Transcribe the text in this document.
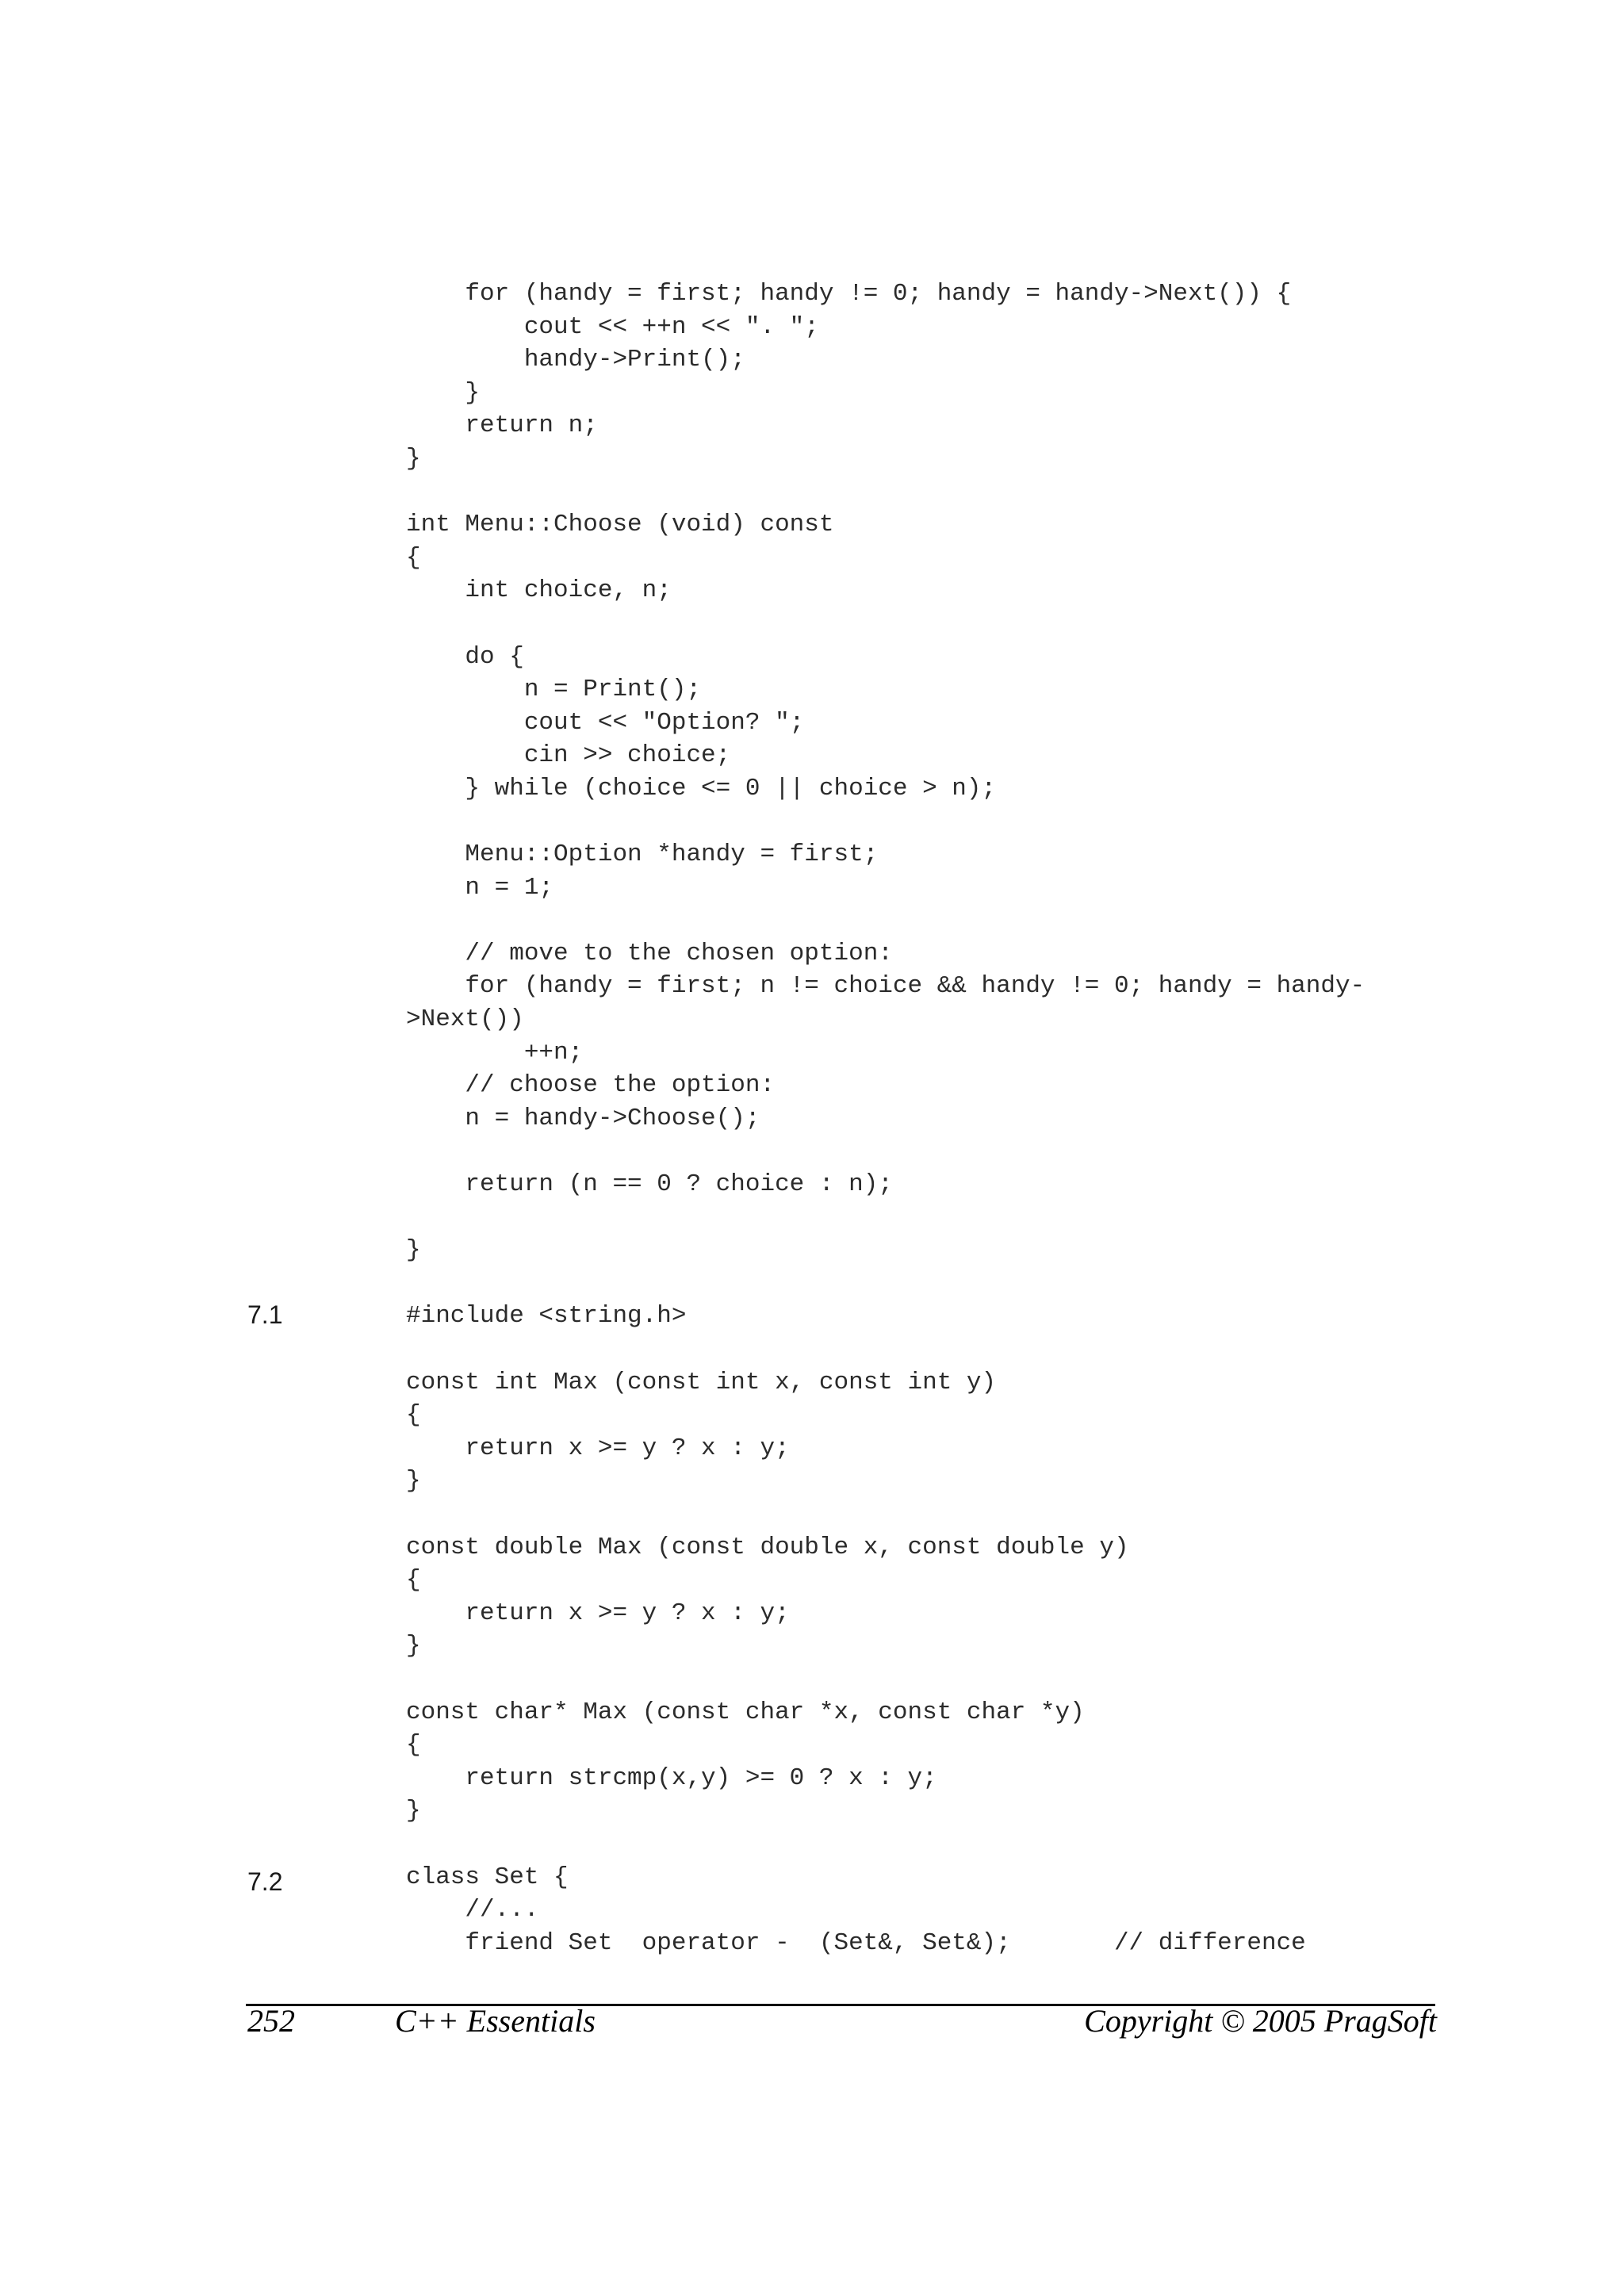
for (handy = first; handy != 0; handy = handy->Next()) {
cout << ++n << ". ";
handy->Print();
}
return n;
}
int Menu::Choose (void) const
{
int choice, n;
do {
n = Print();
cout << "Option? ";
cin >> choice;
} while (choice <= 0 || choice > n);
Menu::Option *handy = first;
n = 1;
// move to the chosen option:
for (handy = first; n != choice && handy != 0; handy = handy-
>Next())
++n;
// choose the option:
n = handy->Choose();
return (n == 0 ? choice : n);
}
#include <string.h>
const int Max (const int x, const int y)
{
return x >= y ? x : y;
}
const double Max (const double x, const double y)
{
return x >= y ? x : y;
}
const char* Max (const char *x, const char *y)
{
return strcmp(x,y) >= 0 ? x : y;
}
class Set {
//...
friend Set  operator -  (Set&, Set&);       // difference
7.1
7.2
252	C++ Essentials	Copyright © 2005 PragSoft
